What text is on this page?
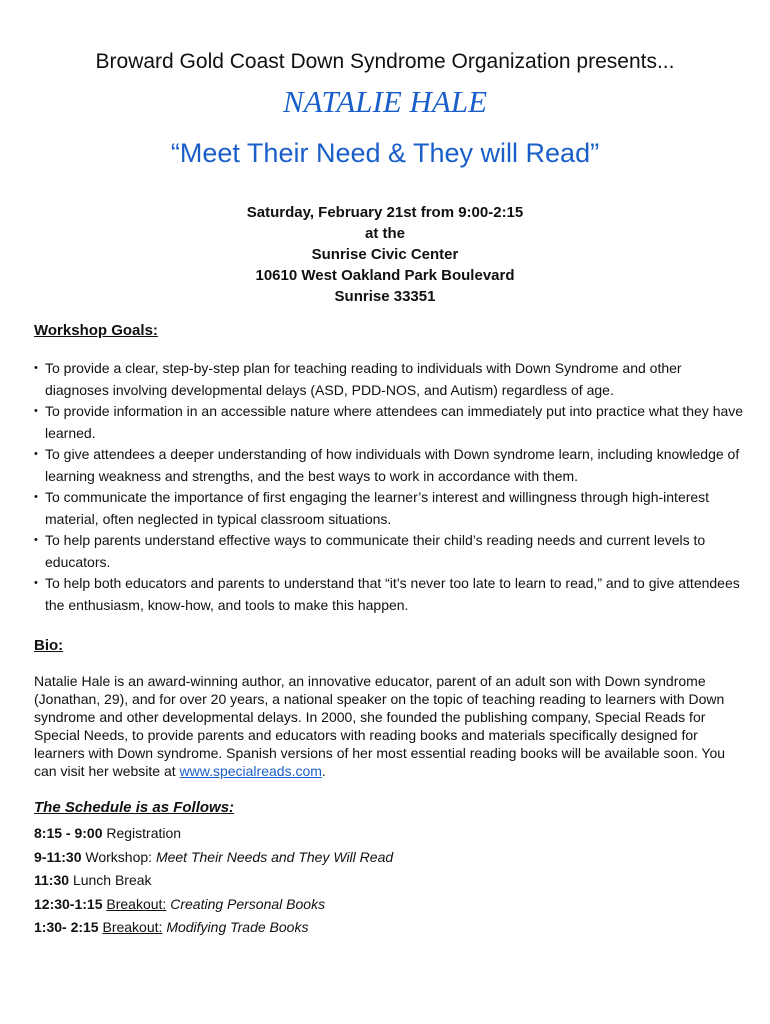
Broward Gold Coast Down Syndrome Organization presents...
NATALIE HALE
“Meet Their Need & They will Read”
Saturday, February 21st from 9:00-2:15
at the
Sunrise Civic Center
10610 West Oakland Park Boulevard
Sunrise 33351
Workshop Goals:
• To provide a clear, step-by-step plan for teaching reading to individuals with Down Syndrome and other diagnoses involving developmental delays (ASD, PDD-NOS, and Autism) regardless of age.
• To provide information in an accessible nature where attendees can immediately put into practice what they have learned.
• To give attendees a deeper understanding of how individuals with Down syndrome learn, including knowledge of learning weakness and strengths, and the best ways to work in accordance with them.
• To communicate the importance of first engaging the learner’s interest and willingness through high-interest material, often neglected in typical classroom situations.
• To help parents understand effective ways to communicate their child’s reading needs and current levels to educators.
• To help both educators and parents to understand that “it’s never too late to learn to read,” and to give attendees the enthusiasm, know-how, and tools to make this happen.
Bio:

Natalie Hale is an award-winning author, an innovative educator, parent of an adult son with Down syndrome (Jonathan, 29), and for over 20 years, a national speaker on the topic of teaching reading to learners with Down syndrome and other developmental delays. In 2000, she founded the publishing company, Special Reads for Special Needs, to provide parents and educators with reading books and materials specifically designed for learners with Down syndrome. Spanish versions of her most essential reading books will be available soon. You can visit her website at www.specialreads.com.

The Schedule is as Follows:
8:15 - 9:00 Registration
9-11:30 Workshop: Meet Their Needs and They Will Read
11:30 Lunch Break
12:30-1:15 Breakout: Creating Personal Books
1:30- 2:15 Breakout: Modifying Trade Books
